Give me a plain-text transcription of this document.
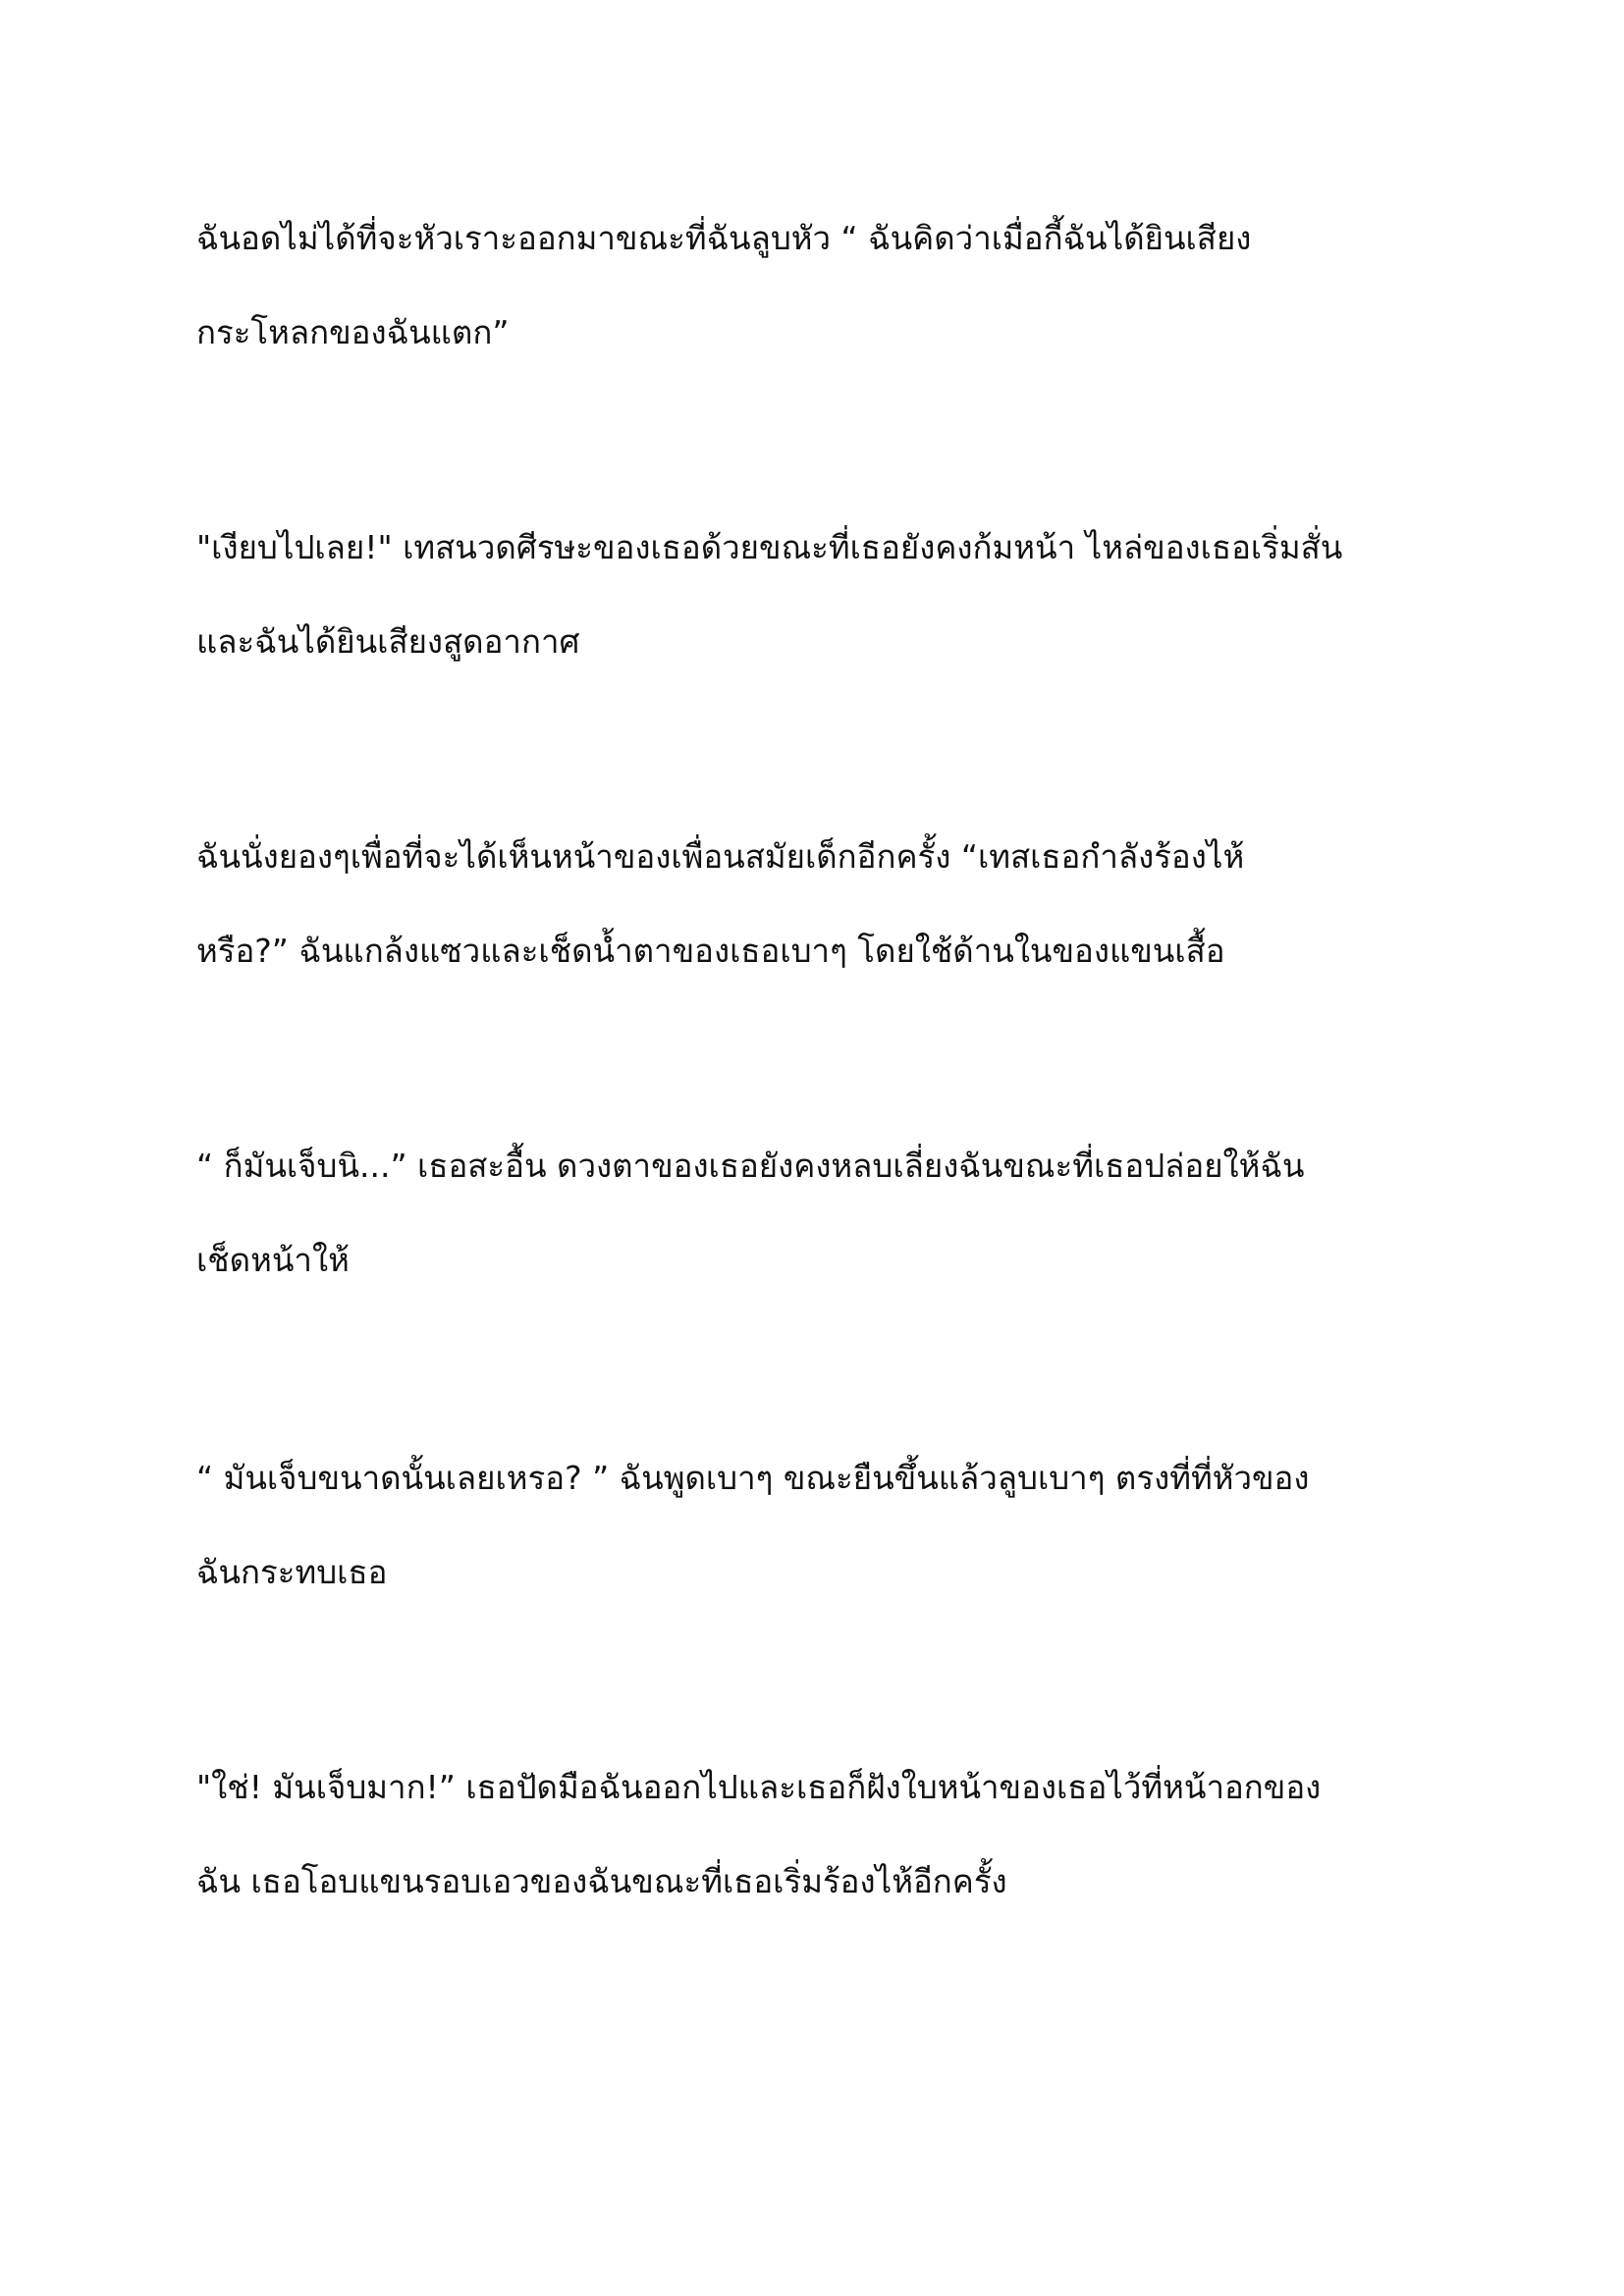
ฉันอดไม่ได้ที่จะหัวเราะออกมาขณะที่ฉันลูบหัว “ ฉันคิดว่าเมื่อกี้ฉันได้ยินเสียง
กระโหลกของฉันแตก”

"เงียบไปเลย!" เทสนวดศีรษะของเธอด้วยขณะที่เธอยังคงก้มหน้า ไหล่ของเธอเริ่มสั่น
และฉันได้ยินเสียงสูดอากาศ

ฉันนั่งยองๆเพื่อที่จะได้เห็นหน้าของเพื่อนสมัยเด็กอีกครั้ง “เทสเธอกำลังร้องไห้
หรือ?” ฉันแกล้งแซวและเช็ดน้ำตาของเธอเบาๆ โดยใช้ด้านในของแขนเสื้อ

“ ก็มันเจ็บนิ...” เธอสะอื้น ดวงตาของเธอยังคงหลบเลี่ยงฉันขณะที่เธอปล่อยให้ฉัน
เช็ดหน้าให้

“ มันเจ็บขนาดนั้นเลยเหรอ? ” ฉันพูดเบาๆ ขณะยืนขึ้นแล้วลูบเบาๆ ตรงที่ที่หัวของ
ฉันกระทบเธอ

"ใช่! มันเจ็บมาก!” เธอปัดมือฉันออกไปและเธอก็ฝังใบหน้าของเธอไว้ที่หน้าอกของ
ฉัน เธอโอบแขนรอบเอวของฉันขณะที่เธอเริ่มร้องไห้อีกครั้ง
